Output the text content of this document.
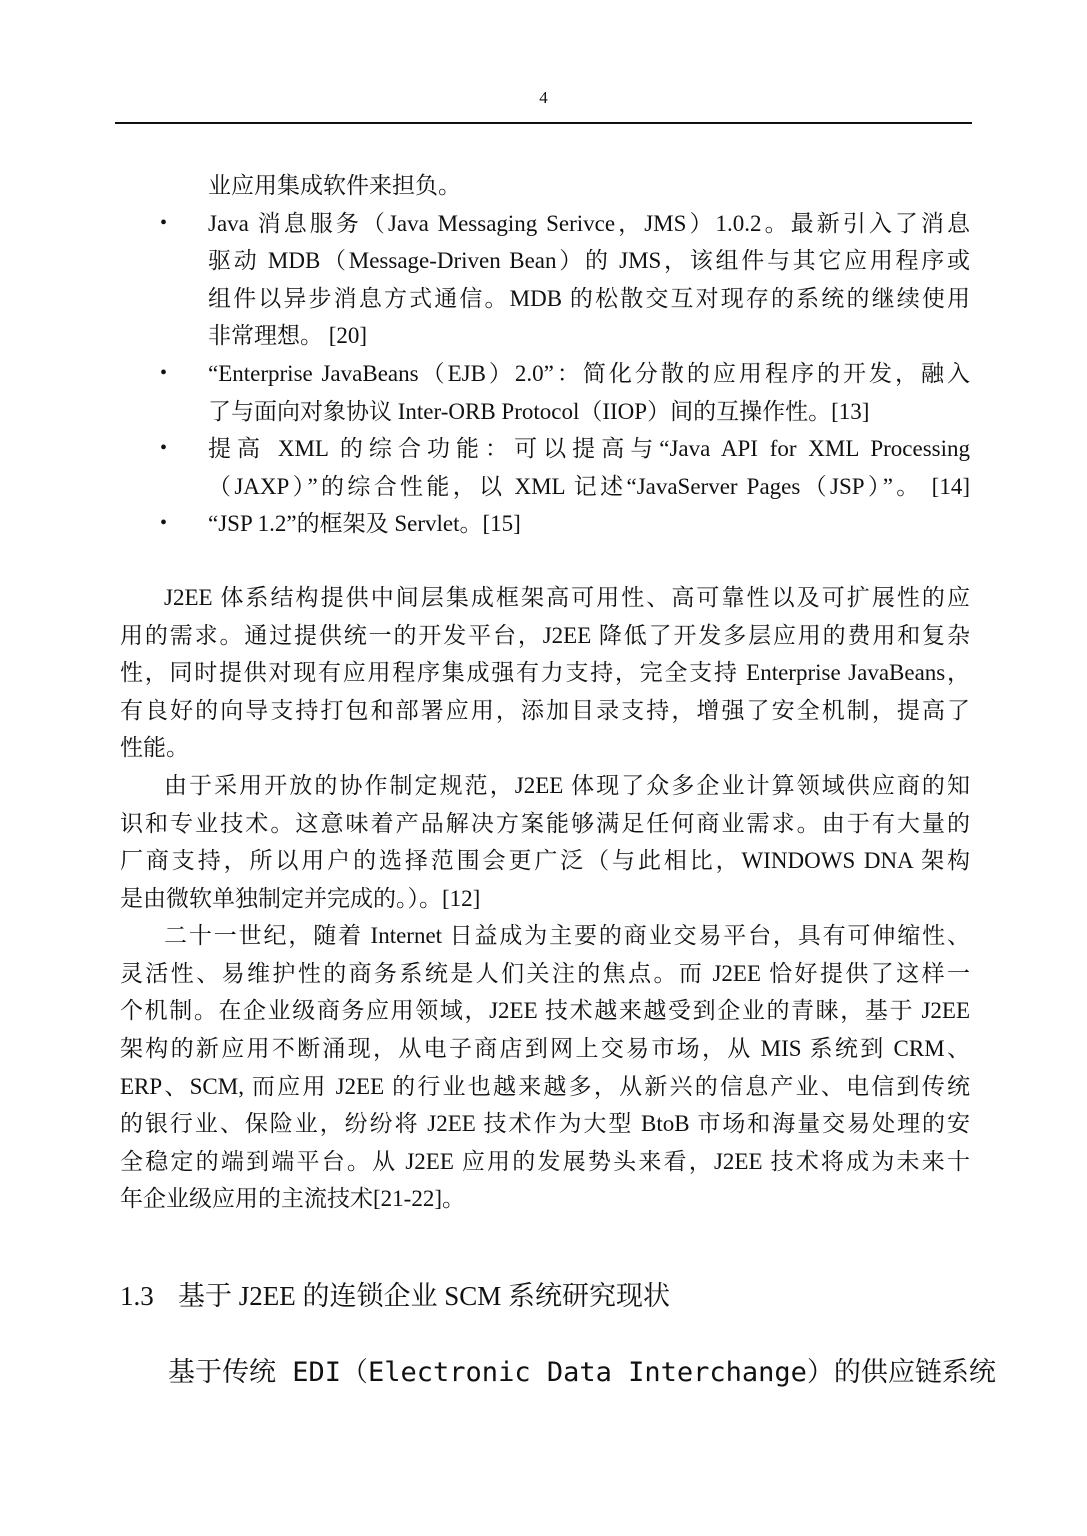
4
业应用集成软件来担负。
• Java 消息服务（Java Messaging Serivce，JMS）1.0.2。最新引入了消息
驱动 MDB（Message-Driven Bean）的 JMS，该组件与其它应用程序或
组件以异步消息方式通信。MDB 的松散交互对现存的系统的继续使用
非常理想。 [20]
• “Enterprise JavaBeans（EJB）2.0”：简化分散的应用程序的开发，融入
了与面向对象协议 Inter-ORB Protocol（IIOP）间的互操作性。[13]
• 提高 XML 的综合功能：可以提高与“Java API for XML Processing
（JAXP）”的综合性能，以 XML 记述“JavaServer Pages（JSP）”。 [14]
• “JSP 1.2”的框架及 Servlet。[15]
J2EE 体系结构提供中间层集成框架高可用性、高可靠性以及可扩展性的应
用的需求。通过提供统一的开发平台，J2EE 降低了开发多层应用的费用和复杂
性，同时提供对现有应用程序集成强有力支持，完全支持 Enterprise JavaBeans，
有良好的向导支持打包和部署应用，添加目录支持，增强了安全机制，提高了
性能。
由于采用开放的协作制定规范，J2EE 体现了众多企业计算领域供应商的知
识和专业技术。这意味着产品解决方案能够满足任何商业需求。由于有大量的
厂商支持，所以用户的选择范围会更广泛（与此相比，WINDOWS DNA 架构
是由微软单独制定并完成的。）。[12]
二十一世纪，随着 Internet 日益成为主要的商业交易平台，具有可伸缩性、
灵活性、易维护性的商务系统是人们关注的焦点。而 J2EE 恰好提供了这样一
个机制。在企业级商务应用领域，J2EE 技术越来越受到企业的青睐，基于 J2EE
架构的新应用不断涌现，从电子商店到网上交易市场，从 MIS 系统到 CRM、
ERP、SCM, 而应用 J2EE 的行业也越来越多，从新兴的信息产业、电信到传统
的银行业、保险业，纷纷将 J2EE 技术作为大型 BtoB 市场和海量交易处理的安
全稳定的端到端平台。从 J2EE 应用的发展势头来看，J2EE 技术将成为未来十
年企业级应用的主流技术[21-22]。
1.3 基于 J2EE 的连锁企业 SCM 系统研究现状
基于传统 EDI（Electronic Data Interchange）的供应链系统
